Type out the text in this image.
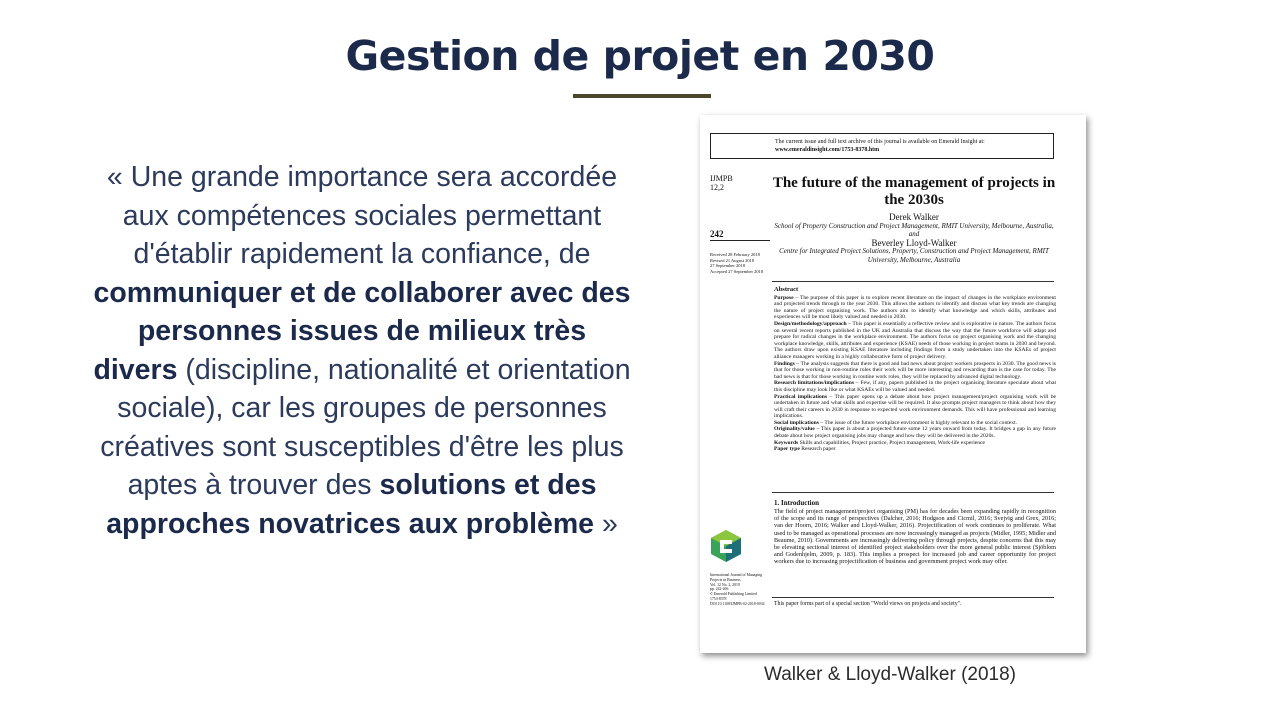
Gestion de projet en 2030
« Une grande importance sera accordée aux compétences sociales permettant d'établir rapidement la confiance, de communiquer et de collaborer avec des personnes issues de milieux très divers (discipline, nationalité et orientation sociale), car les groupes de personnes créatives sont susceptibles d'être les plus aptes à trouver des solutions et des approches novatrices aux problème »
The current issue and full text archive of this journal is available on Emerald Insight at:
www.emeraldinsight.com/1753-8378.htm
IJMPB
12,2
242
Received 28 February 2018
Revised 21 August 2018
27 September 2018
Accepted 27 September 2018
The future of the management of projects in the 2030s
Derek Walker
School of Property Construction and Project Management, RMIT University, Melbourne, Australia, and
Beverley Lloyd-Walker
Centre for Integrated Project Solutions, Property, Construction and Project Management, RMIT University, Melbourne, Australia
Abstract

Purpose – The purpose of this paper is to explore recent literature on the impact of changes in the workplace environment and projected trends through to the year 2030. This allows the authors to identify and discuss what key trends are changing the nature of project organising work. The authors aim to identify what knowledge and which skills, attributes and experiences will be most likely valued and needed in 2030.

Design/methodology/approach – This paper is essentially a reflective review and is explorative in nature. The authors focus on several recent reports published in the UK and Australia that discuss the way that the future workforce will adapt and prepare for radical changes in the workplace environment. The authors focus on project organising work and the changing workplace knowledge, skills, attributes and experience (KSAE) needs of those working in project teams in 2030 and beyond. The authors draw upon existing KSAE literature including findings from a study undertaken into the KSAEs of project alliance managers working in a highly collaborative form of project delivery.

Findings – The analysis suggests that there is good and bad news about project workers prospects in 2030. The good news is that for those working in non-routine roles their work will be more interesting and rewarding than is the case for today. The bad news is that for those working in routine work roles, they will be replaced by advanced digital technology.

Research limitations/implications – Few, if any, papers published in the project organising literature speculate about what this discipline may look like or what KSAEs will be valued and needed.

Practical implications – This paper opens up a debate about how project management/project organising work will be undertaken in future and what skills and expertise will be required. It also prompts project managers to think about how they will craft their careers in 2030 in response to expected work environment demands. This will have professional and learning implications.

Social implications – The issue of the future workplace environment is highly relevant to the social context.

Originality/value – This paper is about a projected future some 12 years onward from today. It bridges a gap in any future debate about how project organising jobs may change and how they will be delivered in the 2020s.

Keywords Skills and capabilities, Project practice, Project management, Work-life experience

Paper type Research paper

1. Introduction
The field of project management/project organising (PM) has for decades been expanding rapidly in recognition of the scope and its range of perspectives (Dalcher, 2016; Hodgson and Cicmil, 2016; Svejvig and Grex, 2016; van der Hoorn, 2016; Walker and Lloyd-Walker, 2016). Projectification of work continues to proliferate. What used to be managed as operational processes are now increasingly managed as projects (Midler, 1995; Midler and Beaume, 2010). Governments are increasingly delivering policy through projects, despite concerns that this may be elevating sectional interest of identified project stakeholders over the more general public interest (Sjöblom and Godenhjelm, 2009, p. 183). This implies a prospect for increased job and career opportunity for project workers due to increasing projectification of business and government project work may offer.
This paper forms part of a special section "World views on projects and society".
International Journal of Managing
Projects in Business
Vol. 12 No. 2, 2019
pp. 242-266
© Emerald Publishing Limited
1753-8378
DOI 10.1108/IJMPB-02-2018-0034
Walker & Lloyd-Walker (2018)
